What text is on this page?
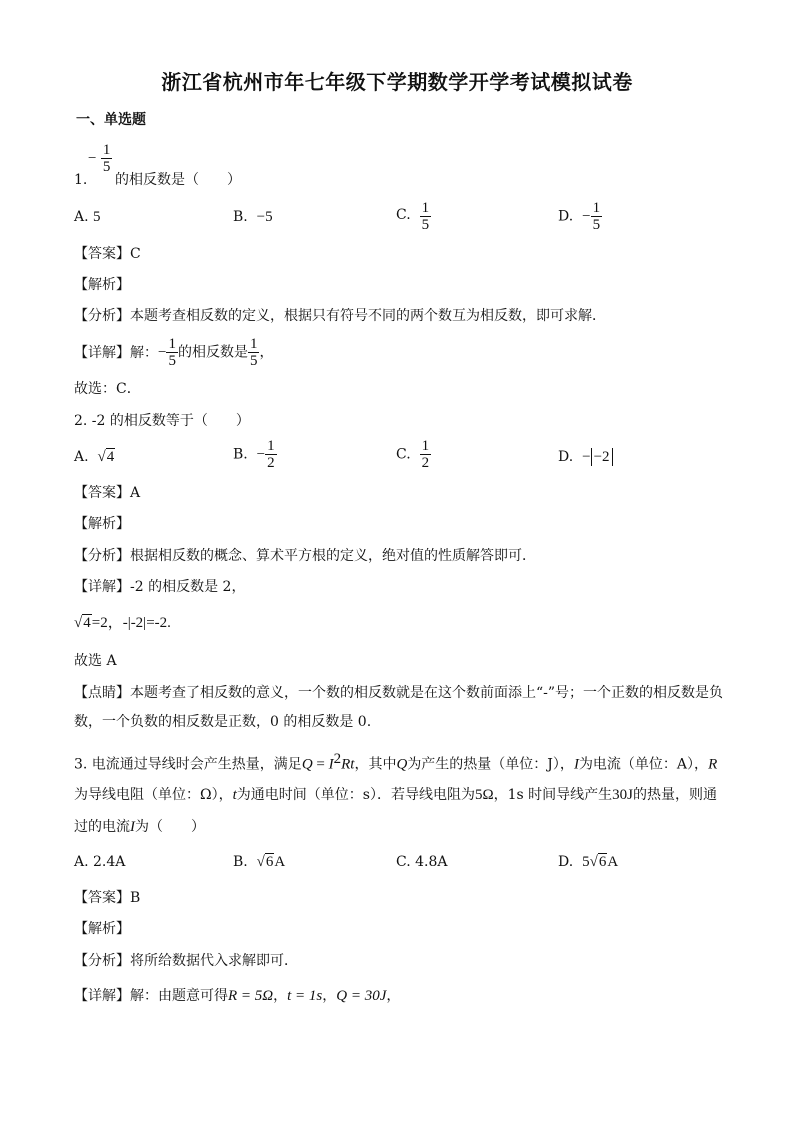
浙江省杭州市年七年级下学期数学开学考试模拟试卷
一、单选题
− $\frac{1}{5}$
1. 的相反数是（　　）
A. 5	B. −5	C. $\frac{1}{5}$	D. − $\frac{1}{5}$
【答案】C
【解析】
【分析】本题考查相反数的定义，根据只有符号不同的两个数互为相反数，即可求解．
【详解】解：− $\frac{1}{5}$ 的相反数是 $\frac{1}{5}$ ，
故选：C．
2. -2 的相反数等于（　　）
A. √4	B. − $\frac{1}{2}$	C. $\frac{1}{2}$	D. − −2
【答案】A
【解析】
【分析】根据相反数的概念、算术平方根的定义，绝对值的性质解答即可．
【详解】-2 的相反数是 2，
√4=2，-|-2|=-2.
故选 A
【点睛】本题考查了相反数的意义，一个数的相反数就是在这个数前面添上“-”号；一个正数的相反数是负
数，一个负数的相反数是正数，0 的相反数是 0.
3. 电流通过导线时会产生热量，满足$Q = I^2Rt$，其中Q为产生的热量（单位：J），I为电流（单位：A），R
为导线电阻（单位：Ω），t为通电时间（单位：s）．若导线电阻为5Ω，1s 时间导线产生30J的热量，则通
过的电流I为（　　）
A. 2.4A	B. √6A	C. 4.8A	D. 5√6A
【答案】B
【解析】
【分析】将所给数据代入求解即可．
【详解】解：由题意可得R = 5Ω，t = 1s，Q = 30J，
